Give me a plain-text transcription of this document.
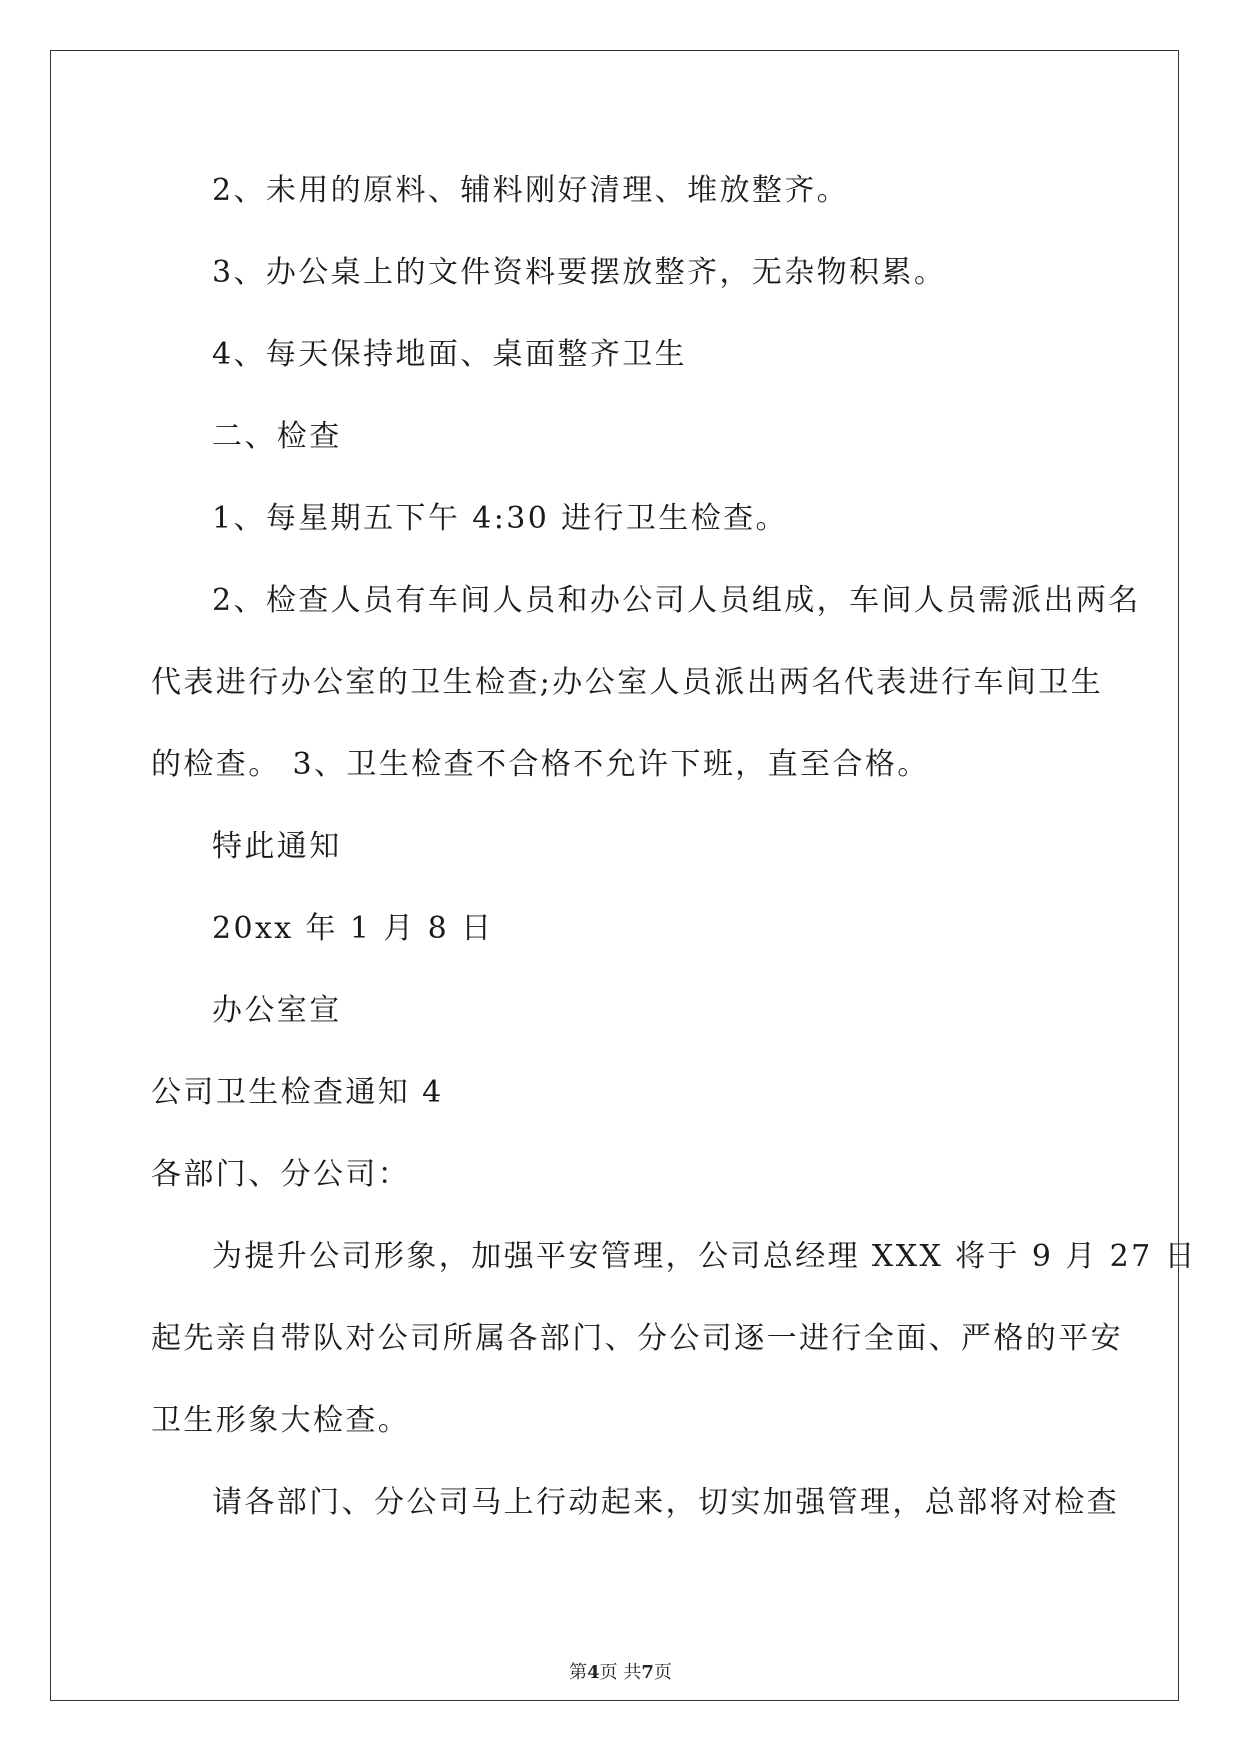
2、未用的原料、辅料刚好清理、堆放整齐。
3、办公桌上的文件资料要摆放整齐，无杂物积累。
4、每天保持地面、桌面整齐卫生
二、检查
1、每星期五下午 4:30 进行卫生检查。
2、检查人员有车间人员和办公司人员组成，车间人员需派出两名
代表进行办公室的卫生检查;办公室人员派出两名代表进行车间卫生
的检查。 3、卫生检查不合格不允许下班，直至合格。
特此通知
20xx 年 1 月 8 日
办公室宣
公司卫生检查通知 4
各部门、分公司：
为提升公司形象，加强平安管理，公司总经理 XXX 将于 9 月 27 日
起先亲自带队对公司所属各部门、分公司逐一进行全面、严格的平安
卫生形象大检查。
请各部门、分公司马上行动起来，切实加强管理，总部将对检查
第4页 共7页
